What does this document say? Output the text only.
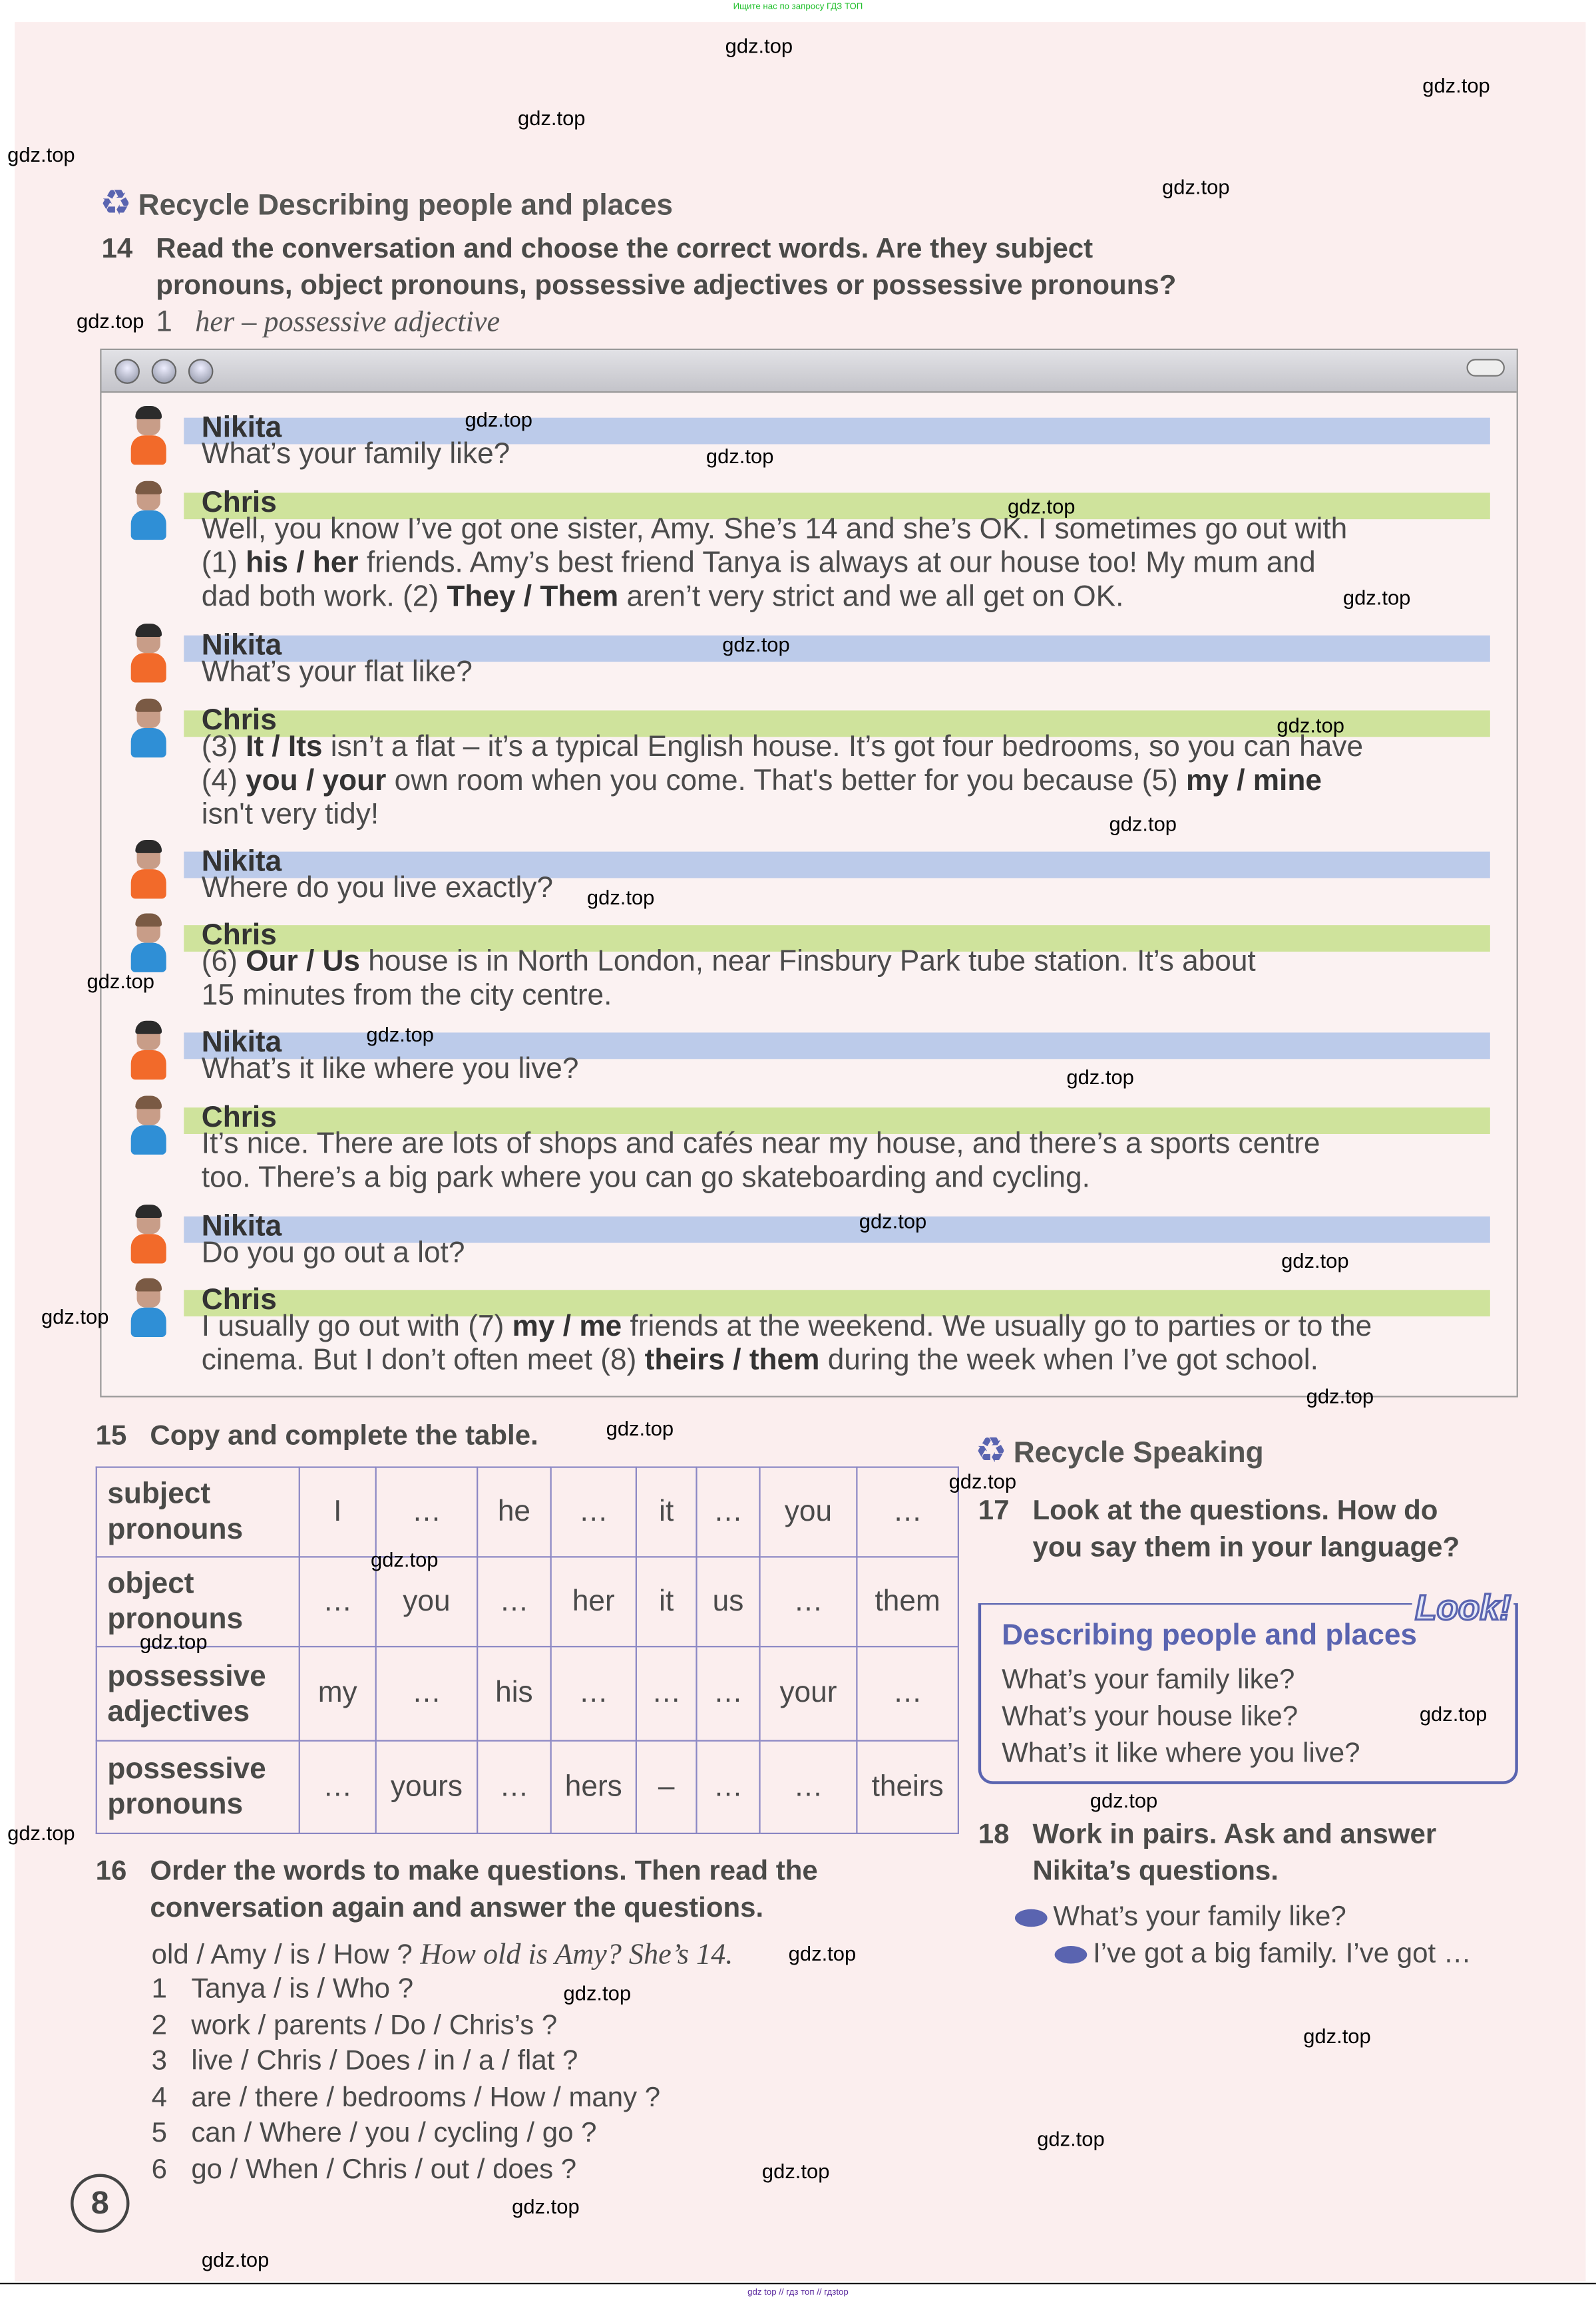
Ищите нас по запросу ГДЗ ТОП
♻ Recycle Describing people and places
14 Read the conversation and choose the correct words. Are they subject
pronouns, object pronouns, possessive adjectives or possessive pronouns?
1 her – possessive adjective
Nikita
What’s your family like?
Chris
Well, you know I’ve got one sister, Amy. She’s 14 and she’s OK. I sometimes go out with
(1) his / her friends. Amy’s best friend Tanya is always at our house too! My mum and
dad both work. (2) They / Them aren’t very strict and we all get on OK.
Nikita
What’s your flat like?
Chris
(3) It / Its isn’t a flat – it’s a typical English house. It’s got four bedrooms, so you can have
(4) you / your own room when you come. That's better for you because (5) my / mine
isn't very tidy!
Nikita
Where do you live exactly?
Chris
(6) Our / Us house is in North London, near Finsbury Park tube station. It’s about
15 minutes from the city centre.
Nikita
What’s it like where you live?
Chris
It’s nice. There are lots of shops and cafés near my house, and there’s a sports centre
too. There’s a big park where you can go skateboarding and cycling.
Nikita
Do you go out a lot?
Chris
I usually go out with (7) my / me friends at the weekend. We usually go to parties or to the
cinema. But I don’t often meet (8) theirs / them during the week when I’ve got school.
15 Copy and complete the table.
subject
pronouns	I	…	he	…	it	…	you	…

object
pronouns	…	you	…	her	it	us	…	them

possessive
adjectives	my	…	his	…	…	…	your	…

possessive
pronouns	…	yours	…	hers	–	…	…	theirs
16 Order the words to make questions. Then read the
conversation again and answer the questions.
old / Amy / is / How ? How old is Amy? She’s 14.
1 Tanya / is / Who ?
2 work / parents / Do / Chris’s ?
3 live / Chris / Does / in / a / flat ?
4 are / there / bedrooms / How / many ?
5 can / Where / you / cycling / go ?
6 go / When / Chris / out / does ?
8
♻ Recycle Speaking
17 Look at the questions. How do
you say them in your language?
Look!
Describing people and places
What’s your family like?
What’s your house like?
What’s it like where you live?
18 Work in pairs. Ask and answer
Nikita’s questions.
What’s your family like?
I’ve got a big family. I’ve got …
gdz.top
gdz.top
gdz.top
gdz.top
gdz.top
gdz.top
gdz.top
gdz.top
gdz.top
gdz.top
gdz.top
gdz.top
gdz.top
gdz.top
gdz.top
gdz.top
gdz.top
gdz.top
gdz.top
gdz.top
gdz.top
gdz.top
gdz.top
gdz.top
gdz.top
gdz.top
gdz.top
gdz.top
gdz.top
gdz.top
gdz.top
gdz.top
gdz.top
gdz.top
gdz.top
gdz top // гдз топ // гдзtop
